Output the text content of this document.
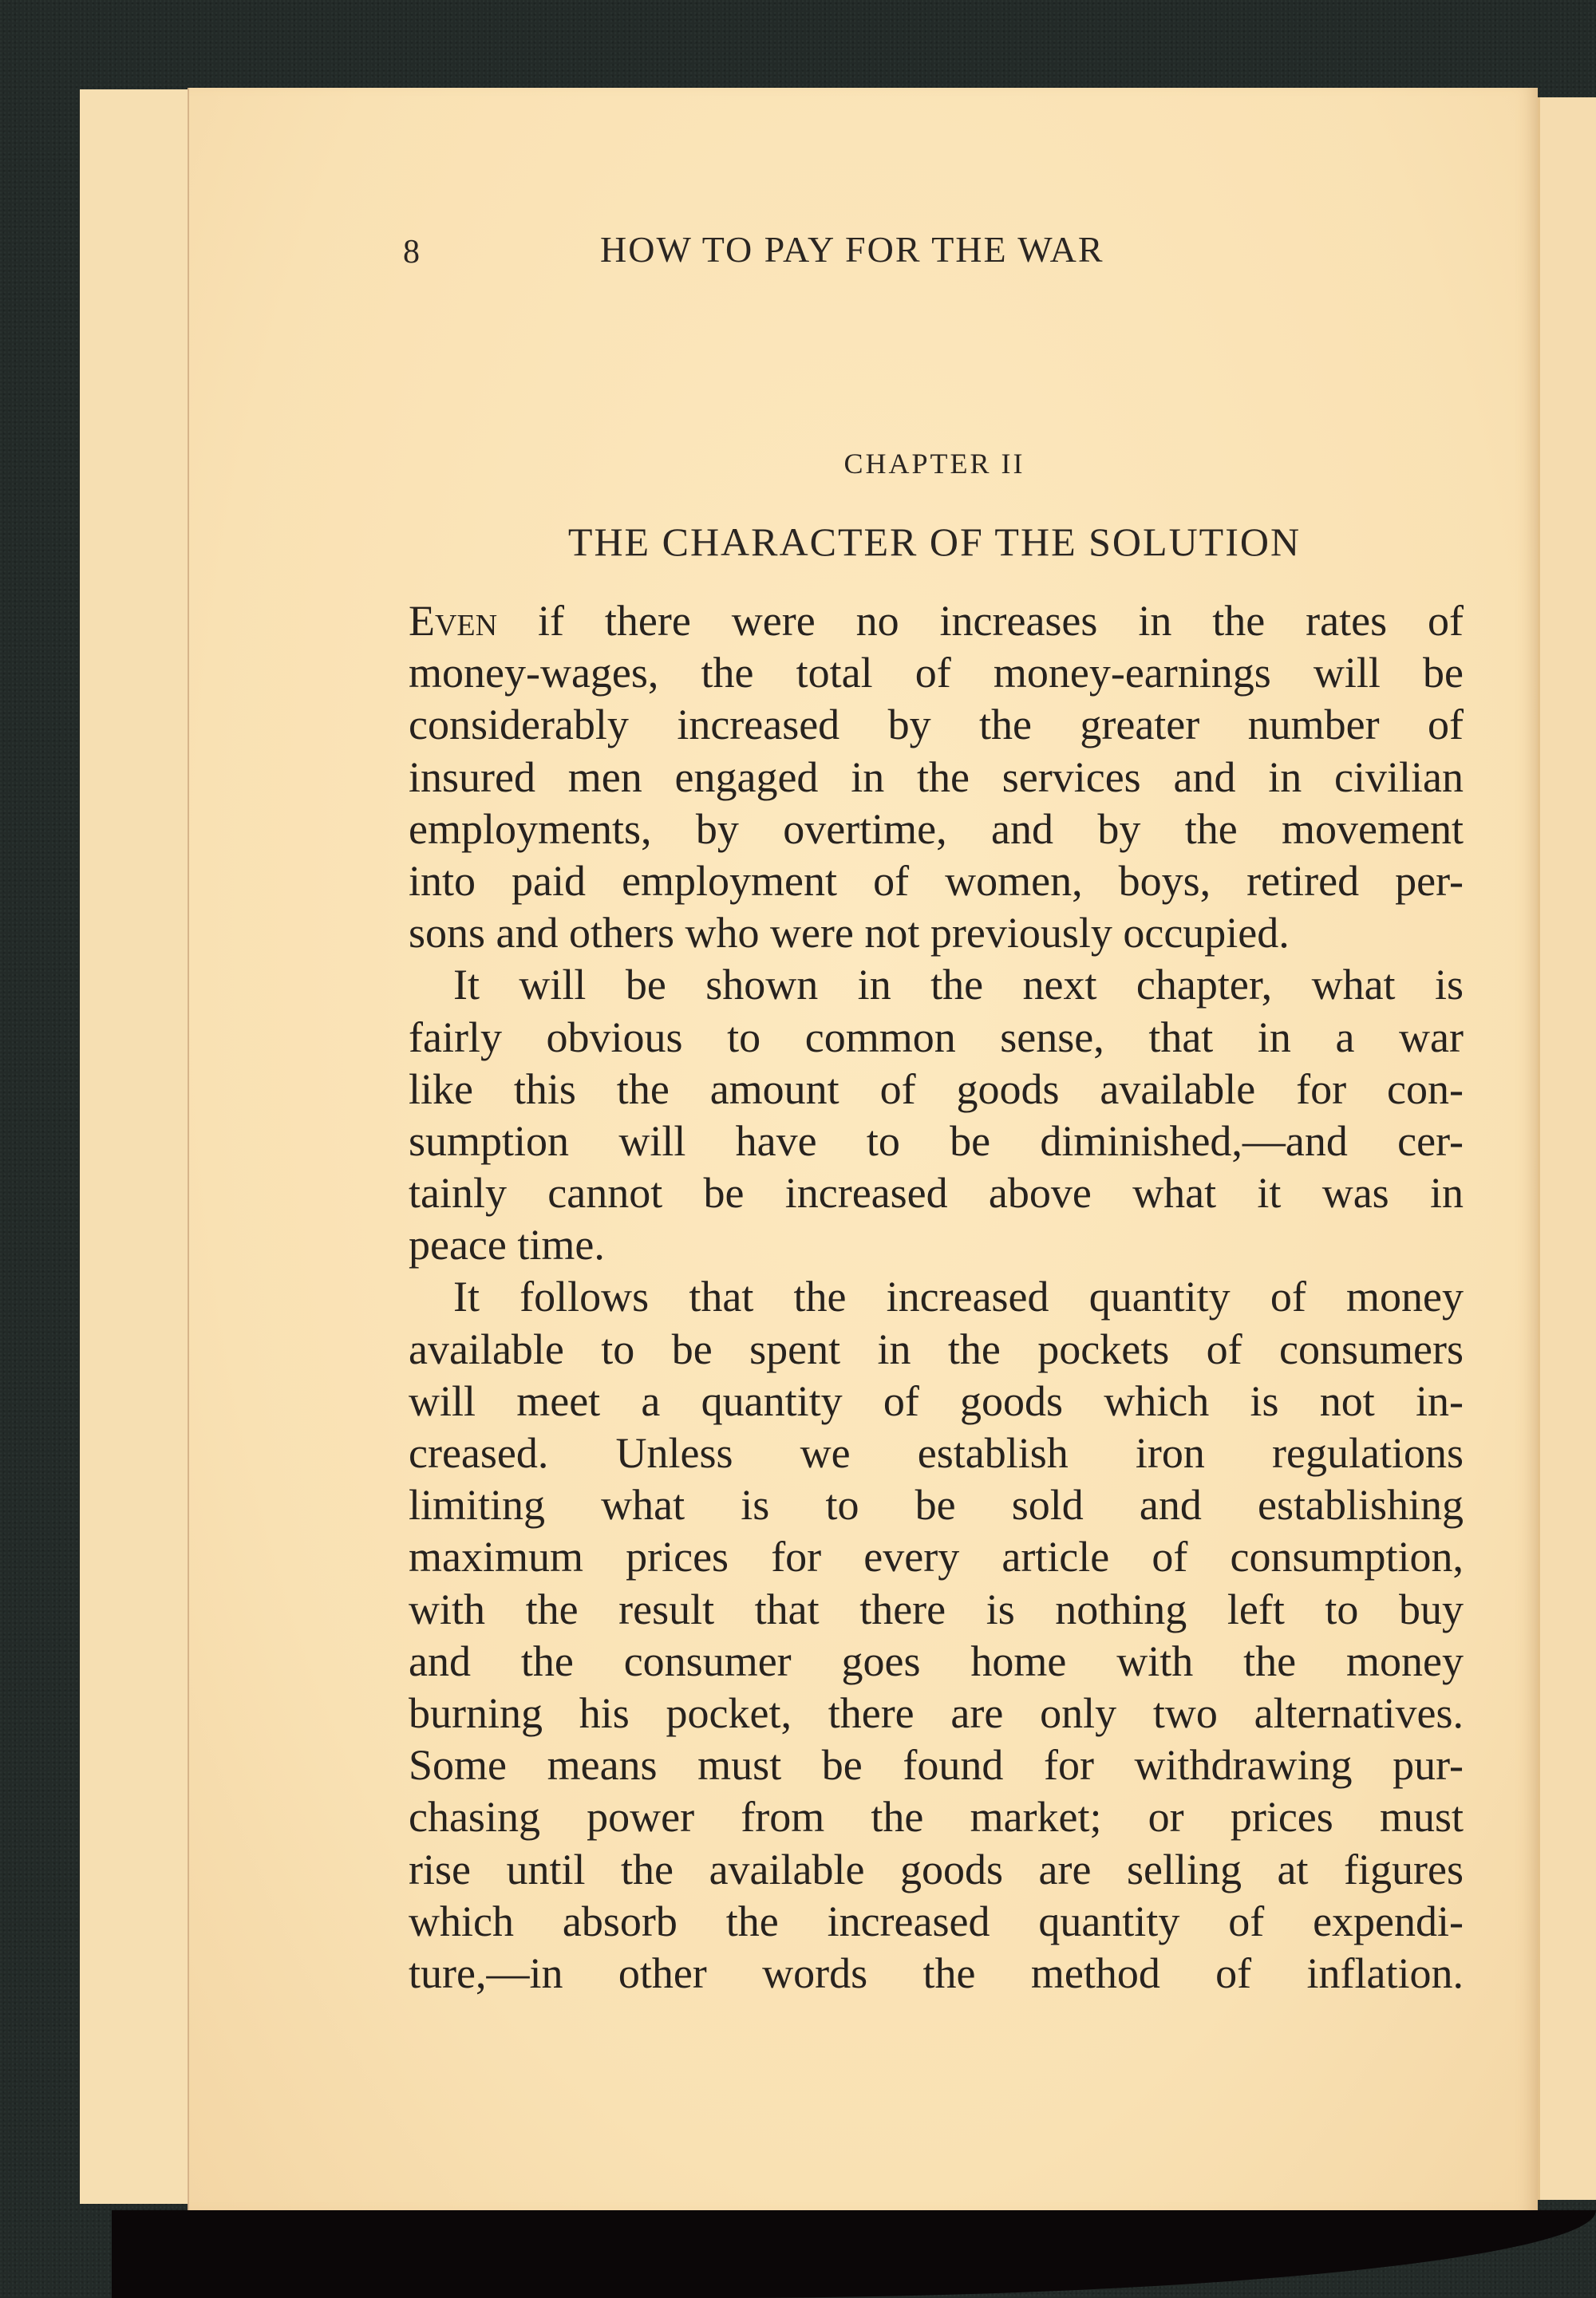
8	HOW TO PAY FOR THE WAR
CHAPTER II
THE CHARACTER OF THE SOLUTION
Even if there were no increases in the rates of
money-wages, the total of money-earnings will be
considerably increased by the greater number of
insured men engaged in the services and in civilian
employments, by overtime, and by the movement
into paid employment of women, boys, retired per-
sons and others who were not previously occupied.
It will be shown in the next chapter, what is
fairly obvious to common sense, that in a war
like this the amount of goods available for con-
sumption will have to be diminished,—and cer-
tainly cannot be increased above what it was in
peace time.
It follows that the increased quantity of money
available to be spent in the pockets of consumers
will meet a quantity of goods which is not in-
creased. Unless we establish iron regulations
limiting what is to be sold and establishing
maximum prices for every article of consumption,
with the result that there is nothing left to buy
and the consumer goes home with the money
burning his pocket, there are only two alternatives.
Some means must be found for withdrawing pur-
chasing power from the market; or prices must
rise until the available goods are selling at figures
which absorb the increased quantity of expendi-
ture,—in other words the method of inflation.
